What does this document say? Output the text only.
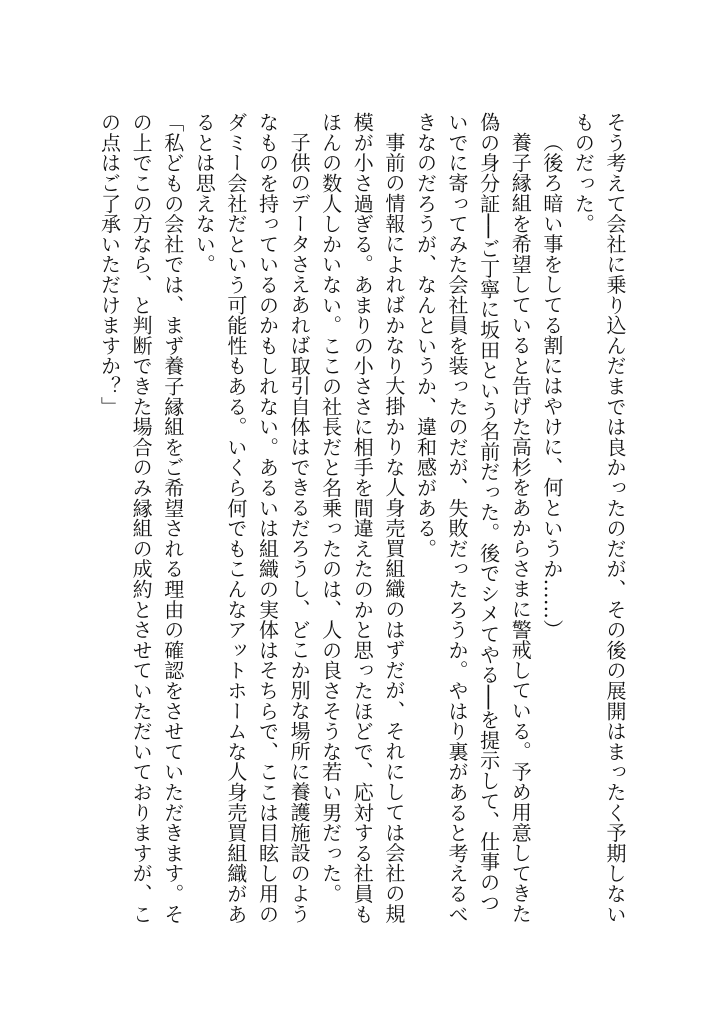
そう考えて会社に乗り込んだまでは良かったのだが、その後の展開はまったく予期しないものだった。

（後ろ暗い事をしてる割にはやけに、何というか……）

養子縁組を希望していると告げた高杉をあからさまに警戒している。予め用意してきた偽の身分証──ご丁寧に坂田という名前だった。後でシメてやる──を提示して、仕事のついでに寄ってみた会社員を装ったのだが、失敗だったろうか。やはり裏があると考えるべきなのだろうが、なんというか、違和感がある。

事前の情報によればかなり大掛かりな人身売買組織のはずだが、それにしては会社の規模が小さ過ぎる。あまりの小ささに相手を間違えたのかと思ったほどで、応対する社員もほんの数人しかいない。ここの社長だと名乗ったのは、人の良さそうな若い男だった。

子供のデータさえあれば取引自体はできるだろうし、どこか別な場所に養護施設のようなものを持っているのかもしれない。あるいは組織の実体はそちらで、ここは目眩し用のダミー会社だという可能性もある。いくら何でもこんなアットホームな人身売買組織があるとは思えない。

「私どもの会社では、まず養子縁組をご希望される理由の確認をさせていただきます。その上でこの方なら、と判断できた場合のみ縁組の成約とさせていただいておりますが、この点はご了承いただけますか？」
